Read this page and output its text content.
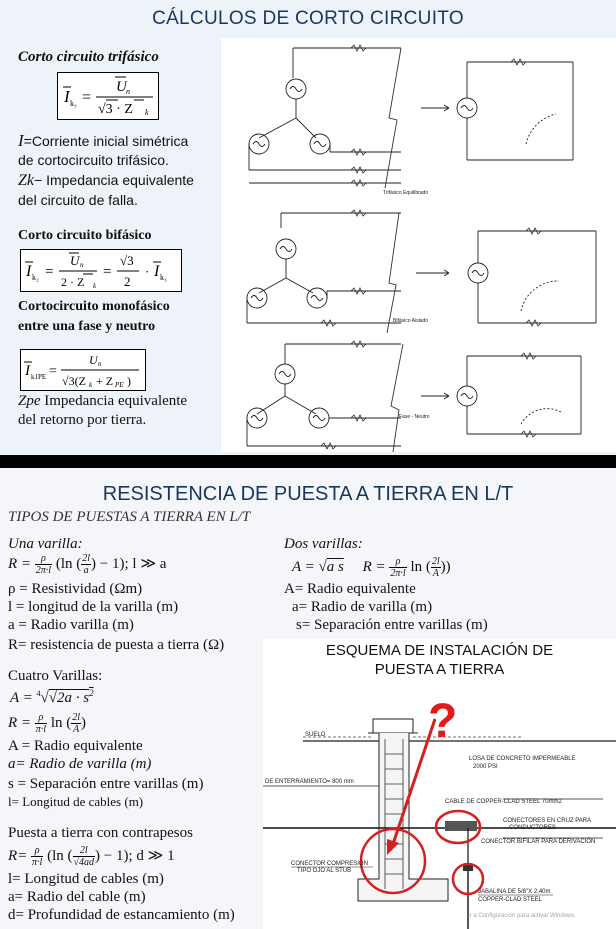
CÁLCULOS DE CORTO CIRCUITO
Corto circuito trifásico
I k₃ =
U n
√3 · Z k
I=Corriente inicial simétrica
de cortocircuito trifásico.
Zk− Impedancia equivalente
del circuito de falla.
Corto circuito bifásico
I k₂ =
U n
2 · Z k
=
√3
2
· I k₃
Cortocircuito monofásico
entre una fase y neutro
I k1PE =
U n
√3(Z k + Z PE )
Zpe Impedancia equivalente
del retorno por tierra.
Trifásico Equilibrado
Bifásico Aislado
Fase - Neutro
RESISTENCIA DE PUESTA A TIERRA EN L/T
TIPOS DE PUESTAS A TIERRA EN L/T
Una varilla:
$R = \frac{\rho}{2\pi\cdot l} (\ln$ ( $\frac{2l}{a}$ ) − 1); l ≫ a
ρ = Resistividad (Ωm)
l = longitud de la varilla (m)
a = Radio varilla (m)
R= resistencia de puesta a tierra (Ω)
Dos varillas:
A = √a s     $R = \frac{\rho}{2\pi\cdot l}$ ln ( $\frac{2l}{A}$ ))
A= Radio equivalente
a= Radio de varilla (m)
s= Separación entre varillas (m)
Cuatro Varillas:
$A = ^4√√2a \cdot s^2$
$R = \frac{\rho}{\pi\cdot l}$ ln ( $\frac{2l}{A}$ )
A = Radio equivalente
a= Radio de varilla (m)
s = Separación entre varillas (m)
l= Longitud de cables (m)
Puesta a tierra con contrapesos
$R= \frac{\rho}{\pi\cdot l} (\ln$ ( $\frac{2l}{√4ad}$ ) − 1); d ≫ 1
l= Longitud de cables (m)
a= Radio del cable (m)
d= Profundidad de estancamiento (m)
ESQUEMA DE INSTALACIÓN DE
PUESTA A TIERRA
?
SUELO
LOSA DE CONCRETO IMPERMEABLE
2000 PSI
DE ENTERRAMIENTO= 800 mm
CABLE DE COPPER-CLAD STEEL 70mm2
CONECTORES EN CRUZ PARA
CONDUCTORES
CONECTOR BIFILAR PARA DERIVACIÓN
CONECTOR COMPRESIÓN
TIPO OJO AL STUB
JABALINA DE 5/8"X 2,40m
COPPER-CLAD STEEL
Ir a Configuración para activar Windows.
